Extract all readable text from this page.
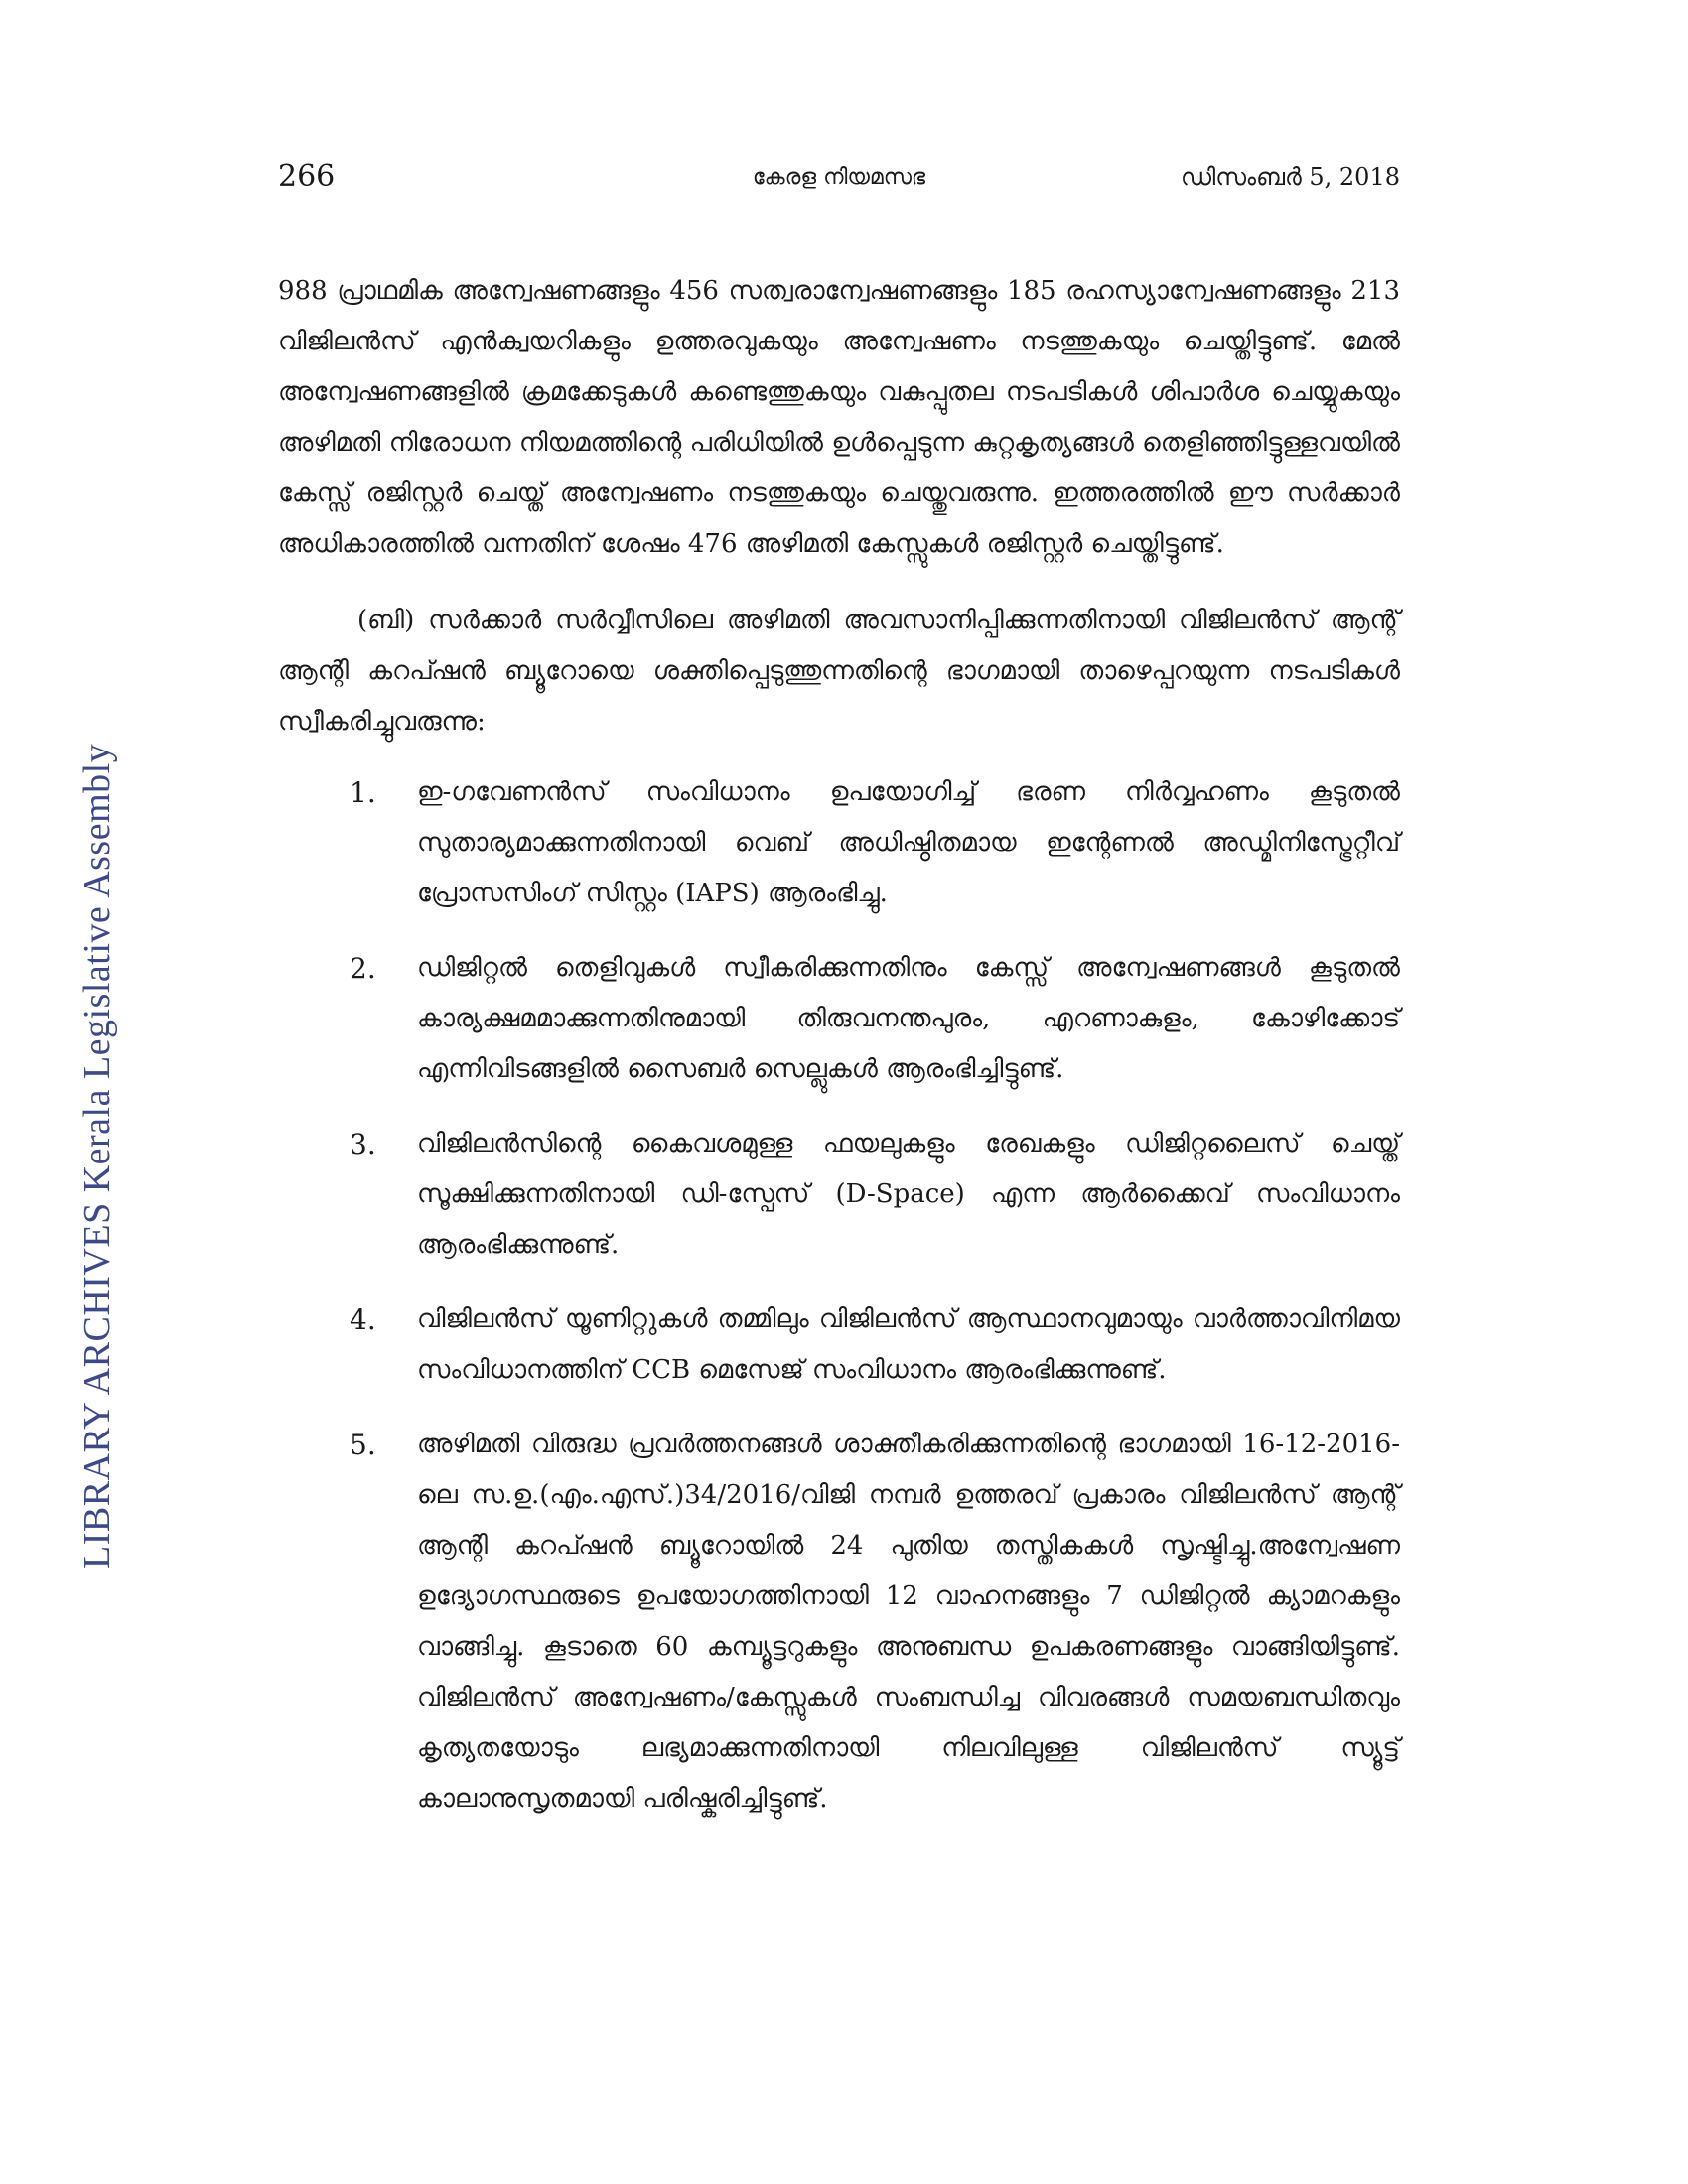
266	കേരള നിയമസഭ	ഡിസംബർ 5, 2018
LIBRARY ARCHIVES Kerala Legislative Assembly

988 പ്രാഥമിക അന്വേഷണങ്ങളും 456 സത്വരാന്വേഷണങ്ങളും 185 രഹസ്യാന്വേഷണങ്ങളും 213 വിജിലൻസ് എൻക്വയറികളും ഉത്തരവുകയും അന്വേഷണം നടത്തുകയും ചെയ്തിട്ടുണ്ട്. മേൽ അന്വേഷണങ്ങളിൽ ക്രമക്കേടുകൾ കണ്ടെത്തുകയും വകുപ്പുതല നടപടികൾ ശിപാർശ ചെയ്യുകയും അഴിമതി നിരോധന നിയമത്തിന്റെ പരിധിയിൽ ഉൾപ്പെടുന്ന കുറ്റകൃത്യങ്ങൾ തെളിഞ്ഞിട്ടുള്ളവയിൽ കേസ്സ് രജിസ്റ്റർ ചെയ്ത് അന്വേഷണം നടത്തുകയും ചെയ്തുവരുന്നു. ഇത്തരത്തിൽ ഈ സർക്കാർ അധികാരത്തിൽ വന്നതിന് ശേഷം 476 അഴിമതി കേസ്സുകൾ രജിസ്റ്റർ ചെയ്തിട്ടുണ്ട്.

(ബി) സർക്കാർ സർവ്വീസിലെ അഴിമതി അവസാനിപ്പിക്കുന്നതിനായി വിജിലൻസ് ആന്റ് ആന്റി കറപ്ഷൻ ബ്യൂറോയെ ശക്തിപ്പെടുത്തുന്നതിന്റെ ഭാഗമായി താഴെപ്പറയുന്ന നടപടികൾ സ്വീകരിച്ചുവരുന്നു:

1. ഇ-ഗവേണൻസ് സംവിധാനം ഉപയോഗിച്ച് ഭരണ നിർവ്വഹണം കൂടുതൽ സുതാര്യമാക്കുന്നതിനായി വെബ് അധിഷ്ഠിതമായ ഇന്റേണൽ അഡ്മിനിസ്ട്രേറ്റീവ് പ്രോസസിംഗ് സിസ്റ്റം (IAPS) ആരംഭിച്ചു.

2. ഡിജിറ്റൽ തെളിവുകൾ സ്വീകരിക്കുന്നതിനും കേസ്സ് അന്വേഷണങ്ങൾ കൂടുതൽ കാര്യക്ഷമമാക്കുന്നതിനുമായി തിരുവനന്തപുരം, എറണാകുളം, കോഴിക്കോട് എന്നിവിടങ്ങളിൽ സൈബർ സെല്ലുകൾ ആരംഭിച്ചിട്ടുണ്ട്.

3. വിജിലൻസിന്റെ കൈവശമുള്ള ഫയലുകളും രേഖകളും ഡിജിറ്റലൈസ് ചെയ്ത് സൂക്ഷിക്കുന്നതിനായി ഡി-സ്പേസ് (D-Space) എന്ന ആർക്കൈവ് സംവിധാനം ആരംഭിക്കുന്നുണ്ട്.

4. വിജിലൻസ് യൂണിറ്റുകൾ തമ്മിലും വിജിലൻസ് ആസ്ഥാനവുമായും വാർത്താവിനിമയ സംവിധാനത്തിന് CCB മെസേജ് സംവിധാനം ആരംഭിക്കുന്നുണ്ട്.

5. അഴിമതി വിരുദ്ധ പ്രവർത്തനങ്ങൾ ശാക്തീകരിക്കുന്നതിന്റെ ഭാഗമായി 16-12-2016-ലെ സ.ഉ.(എം.എസ്.)34/2016/വിജി നമ്പർ ഉത്തരവ് പ്രകാരം വിജിലൻസ് ആന്റ് ആന്റി കറപ്ഷൻ ബ്യൂറോയിൽ 24 പുതിയ തസ്തികകൾ സൃഷ്ടിച്ചു.അന്വേഷണ ഉദ്യോഗസ്ഥരുടെ ഉപയോഗത്തിനായി 12 വാഹനങ്ങളും 7 ഡിജിറ്റൽ ക്യാമറകളും വാങ്ങിച്ചു. കൂടാതെ 60 കമ്പ്യൂട്ടറുകളും അനുബന്ധ ഉപകരണങ്ങളും വാങ്ങിയിട്ടുണ്ട്. വിജിലൻസ് അന്വേഷണം/കേസ്സുകൾ സംബന്ധിച്ച വിവരങ്ങൾ സമയബന്ധിതവും കൃത്യതയോടും ലഭ്യമാക്കുന്നതിനായി നിലവിലുള്ള വിജിലൻസ് സ്യൂട്ട് കാലാനുസൃതമായി പരിഷ്കരിച്ചിട്ടുണ്ട്.
